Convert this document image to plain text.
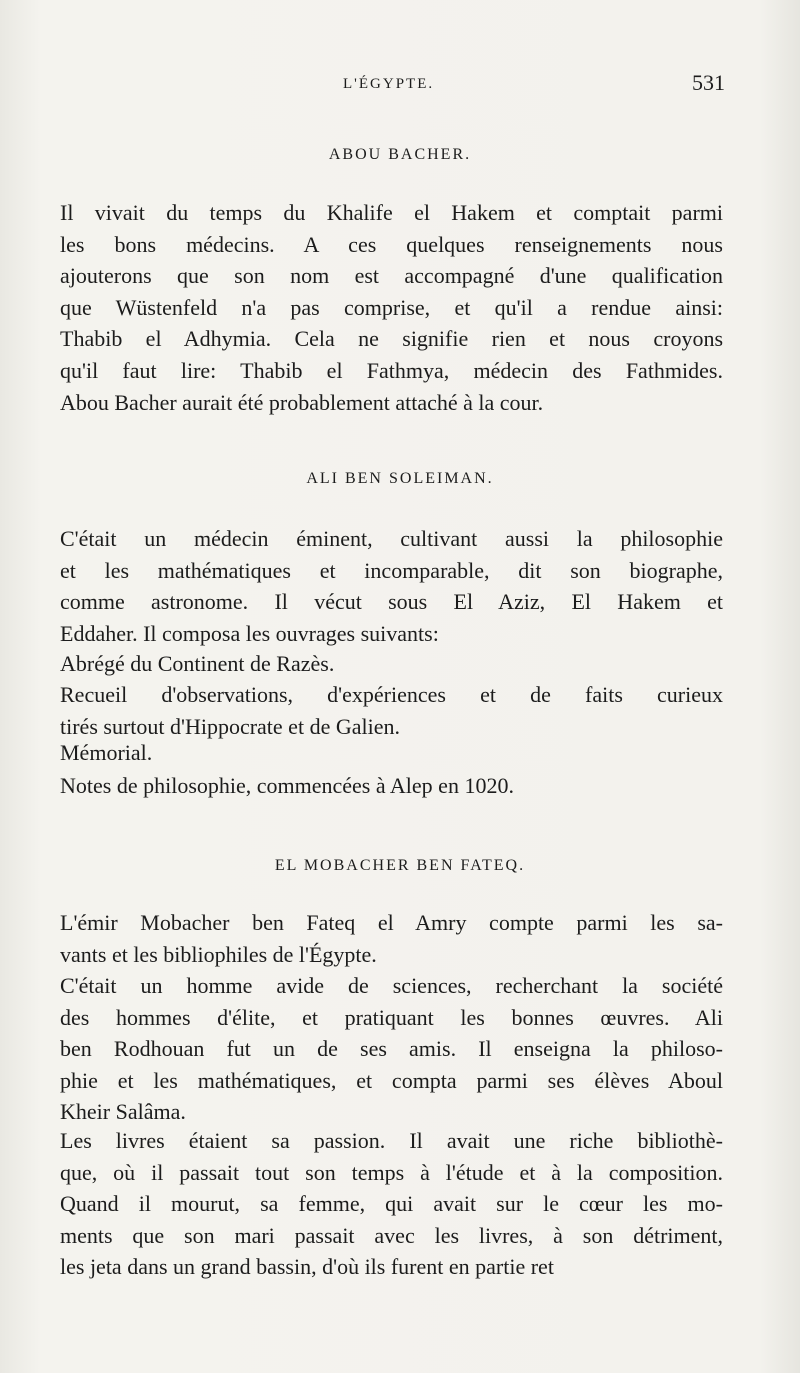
L'ÉGYPTE.	531
ABOU BACHER.
Il vivait du temps du Khalife el Hakem et comptait parmi
les bons médecins. A ces quelques renseignements nous
ajouterons que son nom est accompagné d'une qualification
que Wüstenfeld n'a pas comprise, et qu'il a rendue ainsi:
Thabib el Adhymia. Cela ne signifie rien et nous croyons
qu'il faut lire: Thabib el Fathmya, médecin des Fathmides.
Abou Bacher aurait été probablement attaché à la cour.
ALI BEN SOLEIMAN.
C'était un médecin éminent, cultivant aussi la philosophie
et les mathématiques et incomparable, dit son biographe,
comme astronome. Il vécut sous El Aziz, El Hakem et
Eddaher. Il composa les ouvrages suivants:
Abrégé du Continent de Razès.
Recueil d'observations, d'expériences et de faits curieux
tirés surtout d'Hippocrate et de Galien.
Mémorial.
Notes de philosophie, commencées à Alep en 1020.
EL MOBACHER BEN FATEQ.
L'émir Mobacher ben Fateq el Amry compte parmi les sa-
vants et les bibliophiles de l'Égypte.
C'était un homme avide de sciences, recherchant la société
des hommes d'élite, et pratiquant les bonnes œuvres. Ali
ben Rodhouan fut un de ses amis. Il enseigna la philoso-
phie et les mathématiques, et compta parmi ses élèves Aboul
Kheir Salâma.
Les livres étaient sa passion. Il avait une riche bibliothè-
que, où il passait tout son temps à l'étude et à la composition.
Quand il mourut, sa femme, qui avait sur le cœur les mo-
ments que son mari passait avec les livres, à son détriment,
les jeta dans un grand bassin, d'où ils furent en partie ret
